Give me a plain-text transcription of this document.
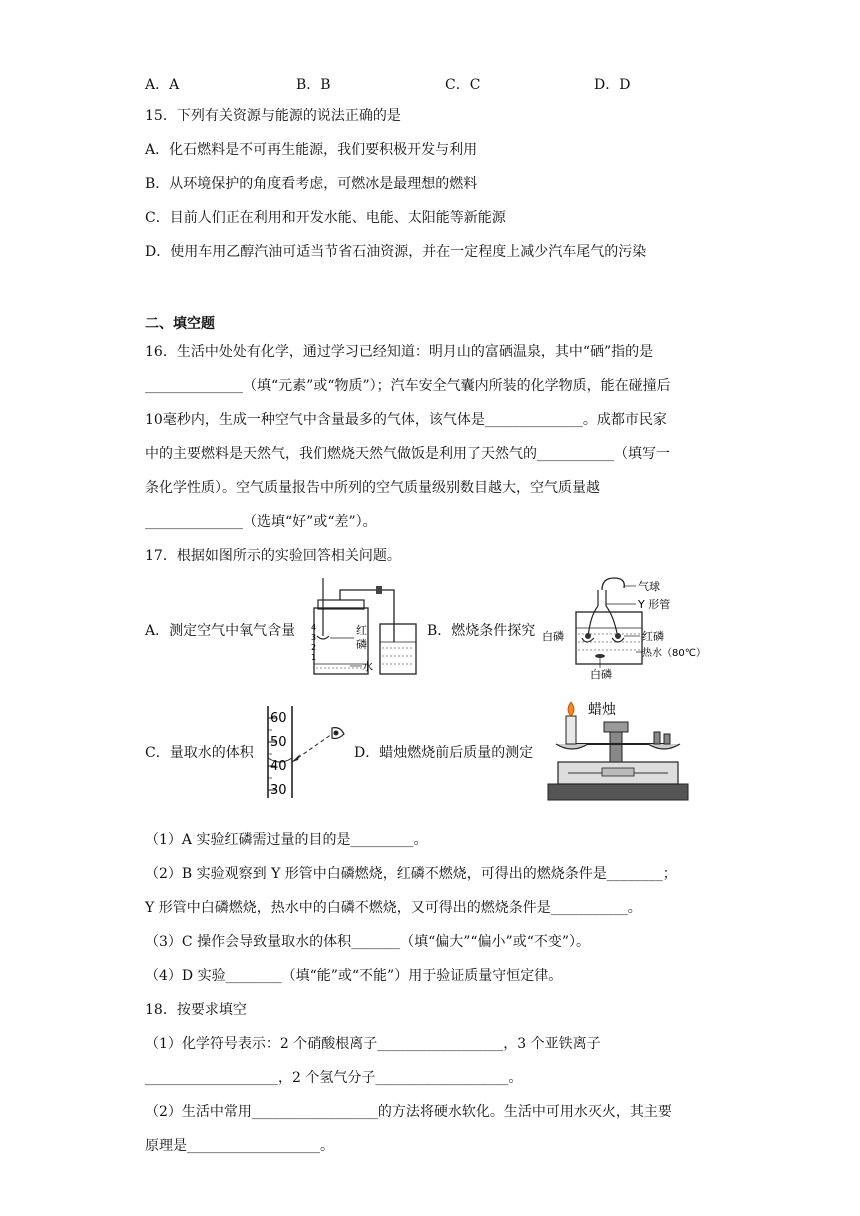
A．A	B．B	C．C	D．D
15．下列有关资源与能源的说法正确的是
A．化石燃料是不可再生能源，我们要积极开发与利用
B．从环境保护的角度看考虑，可燃冰是最理想的燃料
C．目前人们正在利用和开发水能、电能、太阳能等新能源
D．使用车用乙醇汽油可适当节省石油资源，并在一定程度上减少汽车尾气的污染
二、填空题
16．生活中处处有化学，通过学习已经知道：明月山的富硒温泉，其中“硒”指的是
______________（填“元素”或“物质”）；汽车安全气囊内所装的化学物质，能在碰撞后
10毫秒内，生成一种空气中含量最多的气体，该气体是______________。成都市民家
中的主要燃料是天然气，我们燃烧天然气做饭是利用了天然气的___________（填写一
条化学性质）。空气质量报告中所列的空气质量级别数目越大，空气质量越
______________（选填“好”或“差”）。
17．根据如图所示的实验回答相关问题。
A．测定空气中氧气含量	B．燃烧条件探究
C．量取水的体积	D．蜡烛燃烧前后质量的测定
4
3
2
1
红
磷
水
气球
Y 形管
白磷	红磷
热水（80℃）
白磷
60
50
40
30
蜡烛
（1）A 实验红磷需过量的目的是_________。
（2）B 实验观察到 Y 形管中白磷燃烧，红磷不燃烧，可得出的燃烧条件是________；
Y 形管中白磷燃烧，热水中的白磷不燃烧，又可得出的燃烧条件是___________。
（3）C 操作会导致量取水的体积_______（填“偏大”“偏小”或“不变”）。
（4）D 实验________（填“能”或“不能”）用于验证质量守恒定律。
18．按要求填空
（1）化学符号表示：2 个硝酸根离子__________________，3 个亚铁离子
___________________，2 个氢气分子___________________。
（2）生活中常用__________________的方法将硬水软化。生活中可用水灭火，其主要
原理是___________________。
